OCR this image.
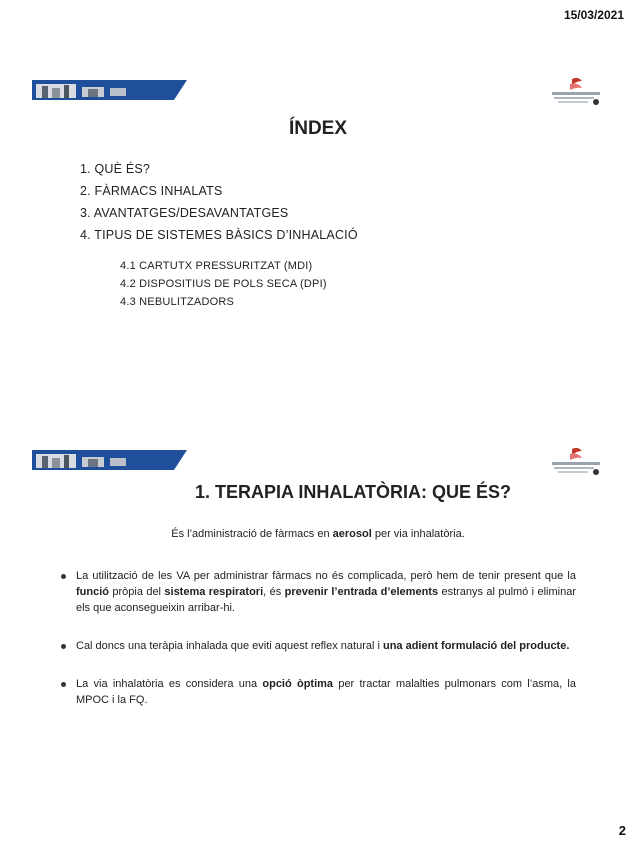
15/03/2021
ÍNDEX
1. QUÈ ÉS?
2. FÀRMACS INHALATS
3. AVANTATGES/DESAVANTATGES
4. TIPUS DE SISTEMES BÀSICS D’INHALACIÓ
4.1 CARTUTX PRESSURITZAT (MDI)
4.2 DISPOSITIUS DE POLS SECA (DPI)
4.3 NEBULITZADORS
1. TERAPIA INHALATÒRIA: QUE ÉS?
És l’administració de fàrmacs en aerosol per via inhalatòria.
La utilització de les VA per administrar fàrmacs no és complicada, però hem de tenir present que la funció pròpia del sistema respiratori, és prevenir l’entrada d’elements estranys al pulmó i eliminar els que aconsegueixin arribar-hi.
Cal doncs una teràpia inhalada que eviti aquest reflex natural i una adient formulació del producte.
La via inhalatòria es considera una opció òptima per tractar malalties pulmonars com l’asma, la MPOC i la FQ.
2
